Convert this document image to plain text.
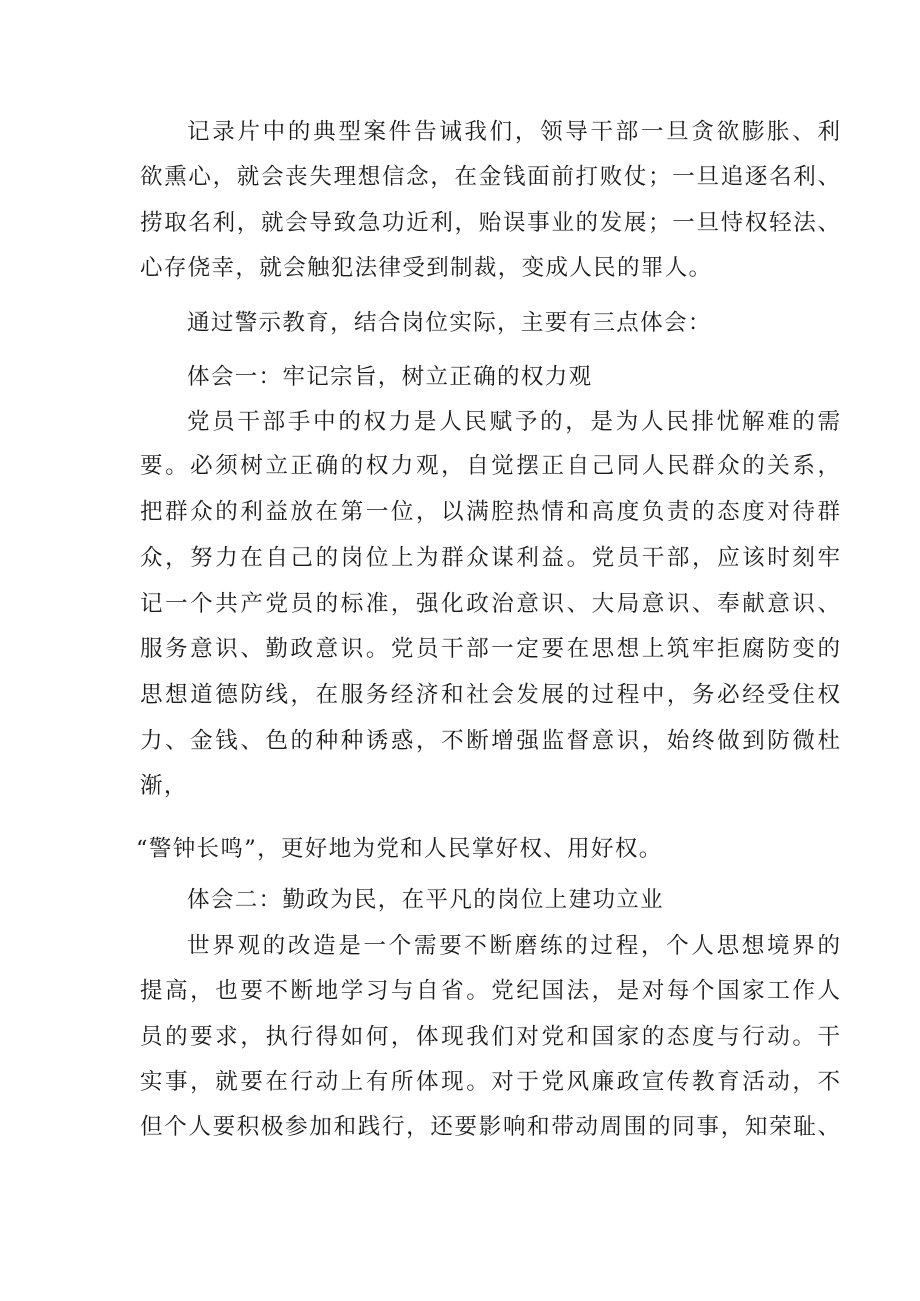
记录片中的典型案件告诫我们，领导干部一旦贪欲膨胀、利

欲熏心，就会丧失理想信念，在金钱面前打败仗；一旦追逐名利、

捞取名利，就会导致急功近利，贻误事业的发展；一旦恃权轻法、

心存侥幸，就会触犯法律受到制裁，变成人民的罪人。

通过警示教育，结合岗位实际，主要有三点体会：

体会一：牢记宗旨，树立正确的权力观

党员干部手中的权力是人民赋予的，是为人民排忧解难的需

要。必须树立正确的权力观，自觉摆正自己同人民群众的关系，

把群众的利益放在第一位，以满腔热情和高度负责的态度对待群

众，努力在自己的岗位上为群众谋利益。党员干部，应该时刻牢

记一个共产党员的标准，强化政治意识、大局意识、奉献意识、

服务意识、勤政意识。党员干部一定要在思想上筑牢拒腐防变的

思想道德防线，在服务经济和社会发展的过程中，务必经受住权

力、金钱、色的种种诱惑，不断增强监督意识，始终做到防微杜

渐，

“警钟长鸣”，更好地为党和人民掌好权、用好权。

体会二：勤政为民，在平凡的岗位上建功立业

世界观的改造是一个需要不断磨练的过程，个人思想境界的

提高，也要不断地学习与自省。党纪国法，是对每个国家工作人

员的要求，执行得如何，体现我们对党和国家的态度与行动。干

实事，就要在行动上有所体现。对于党风廉政宣传教育活动，不

但个人要积极参加和践行，还要影响和带动周围的同事，知荣耻、
